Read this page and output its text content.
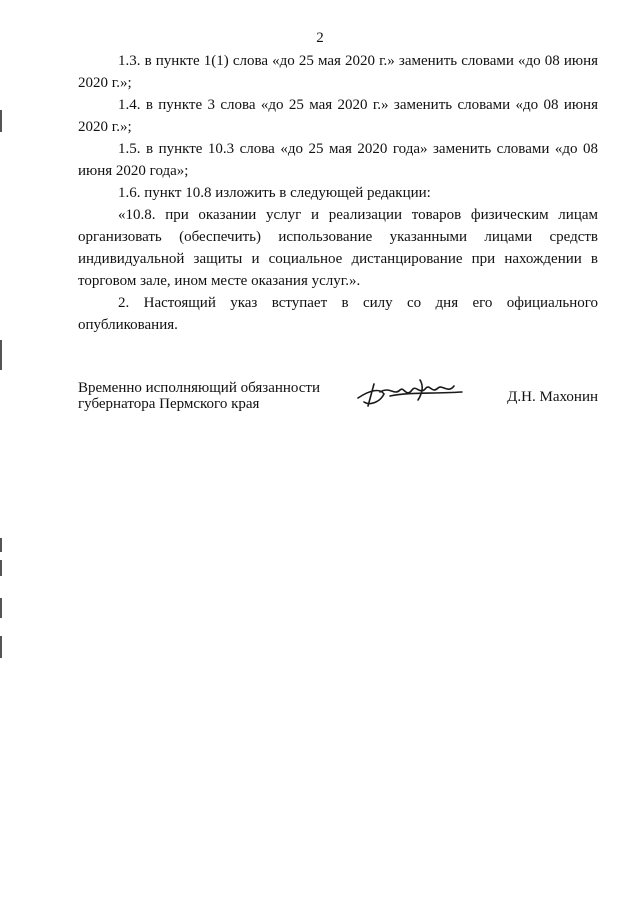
2

1.3. в пункте 1(1) слова «до 25 мая 2020 г.» заменить словами «до 08 июня 2020 г.»;

1.4. в пункте 3 слова «до 25 мая 2020 г.» заменить словами «до 08 июня 2020 г.»;

1.5. в пункте 10.3 слова «до 25 мая 2020 года» заменить словами «до 08 июня 2020 года»;

1.6. пункт 10.8 изложить в следующей редакции:

«10.8. при оказании услуг и реализации товаров физическим лицам организовать (обеспечить) использование указанными лицами средств индивидуальной защиты и социальное дистанцирование при нахождении в торговом зале, ином месте оказания услуг.».

2. Настоящий указ вступает в силу со дня его официального опубликования.

Временно исполняющий обязанности
губернатора Пермского края	Д.Н. Махонин
